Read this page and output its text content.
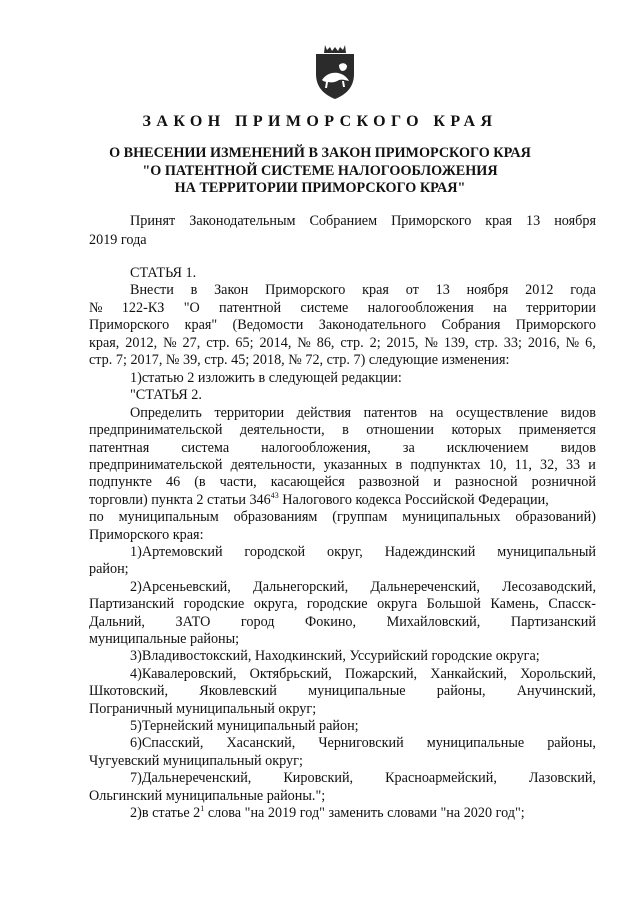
ЗАКОН ПРИМОРСКОГО КРАЯ
О ВНЕСЕНИИ ИЗМЕНЕНИЙ В ЗАКОН ПРИМОРСКОГО КРАЯ
"О ПАТЕНТНОЙ СИСТЕМЕ НАЛОГООБЛОЖЕНИЯ
НА ТЕРРИТОРИИ ПРИМОРСКОГО КРАЯ"
Принят Законодательным Собранием Приморского края 13 ноября
2019 года
СТАТЬЯ 1.
Внести в Закон Приморского края от 13 ноября 2012 года
№ 122-КЗ "О патентной системе налогообложения на территории
Приморского края" (Ведомости Законодательного Собрания Приморского
края, 2012, № 27, стр. 65; 2014, № 86, стр. 2; 2015, № 139, стр. 33; 2016, № 6,
стр. 7; 2017, № 39, стр. 45; 2018, № 72, стр. 7) следующие изменения:
1)статью 2 изложить в следующей редакции:
"СТАТЬЯ 2.
Определить территории действия патентов на осуществление видов
предпринимательской деятельности, в отношении которых применяется
патентная система налогообложения, за исключением видов
предпринимательской деятельности, указанных в подпунктах 10, 11, 32, 33 и
подпункте 46 (в части, касающейся развозной и разносной розничной
торговли) пункта 2 статьи $346^{43}$ Налогового кодекса Российской Федерации,
по муниципальным образованиям (группам муниципальных образований)
Приморского края:
1)Артемовский городской округ, Надеждинский муниципальный
район;
2)Арсеньевский, Дальнегорский, Дальнереченский, Лесозаводский,
Партизанский городские округа, городские округа Большой Камень, Спасск-
Дальний, ЗАТО город Фокино, Михайловский, Партизанский
муниципальные районы;
3)Владивостокский, Находкинский, Уссурийский городские округа;
4)Кавалеровский, Октябрьский, Пожарский, Ханкайский, Хорольский,
Шкотовский, Яковлевский муниципальные районы, Анучинский,
Пограничный муниципальный округ;
5)Тернейский муниципальный район;
6)Спасский, Хасанский, Черниговский муниципальные районы,
Чугуевский муниципальный округ;
7)Дальнереченский, Кировский, Красноармейский, Лазовский,
Ольгинский муниципальные районы.";
2)в статье $2^1$ слова "на 2019 год" заменить словами "на 2020 год";
